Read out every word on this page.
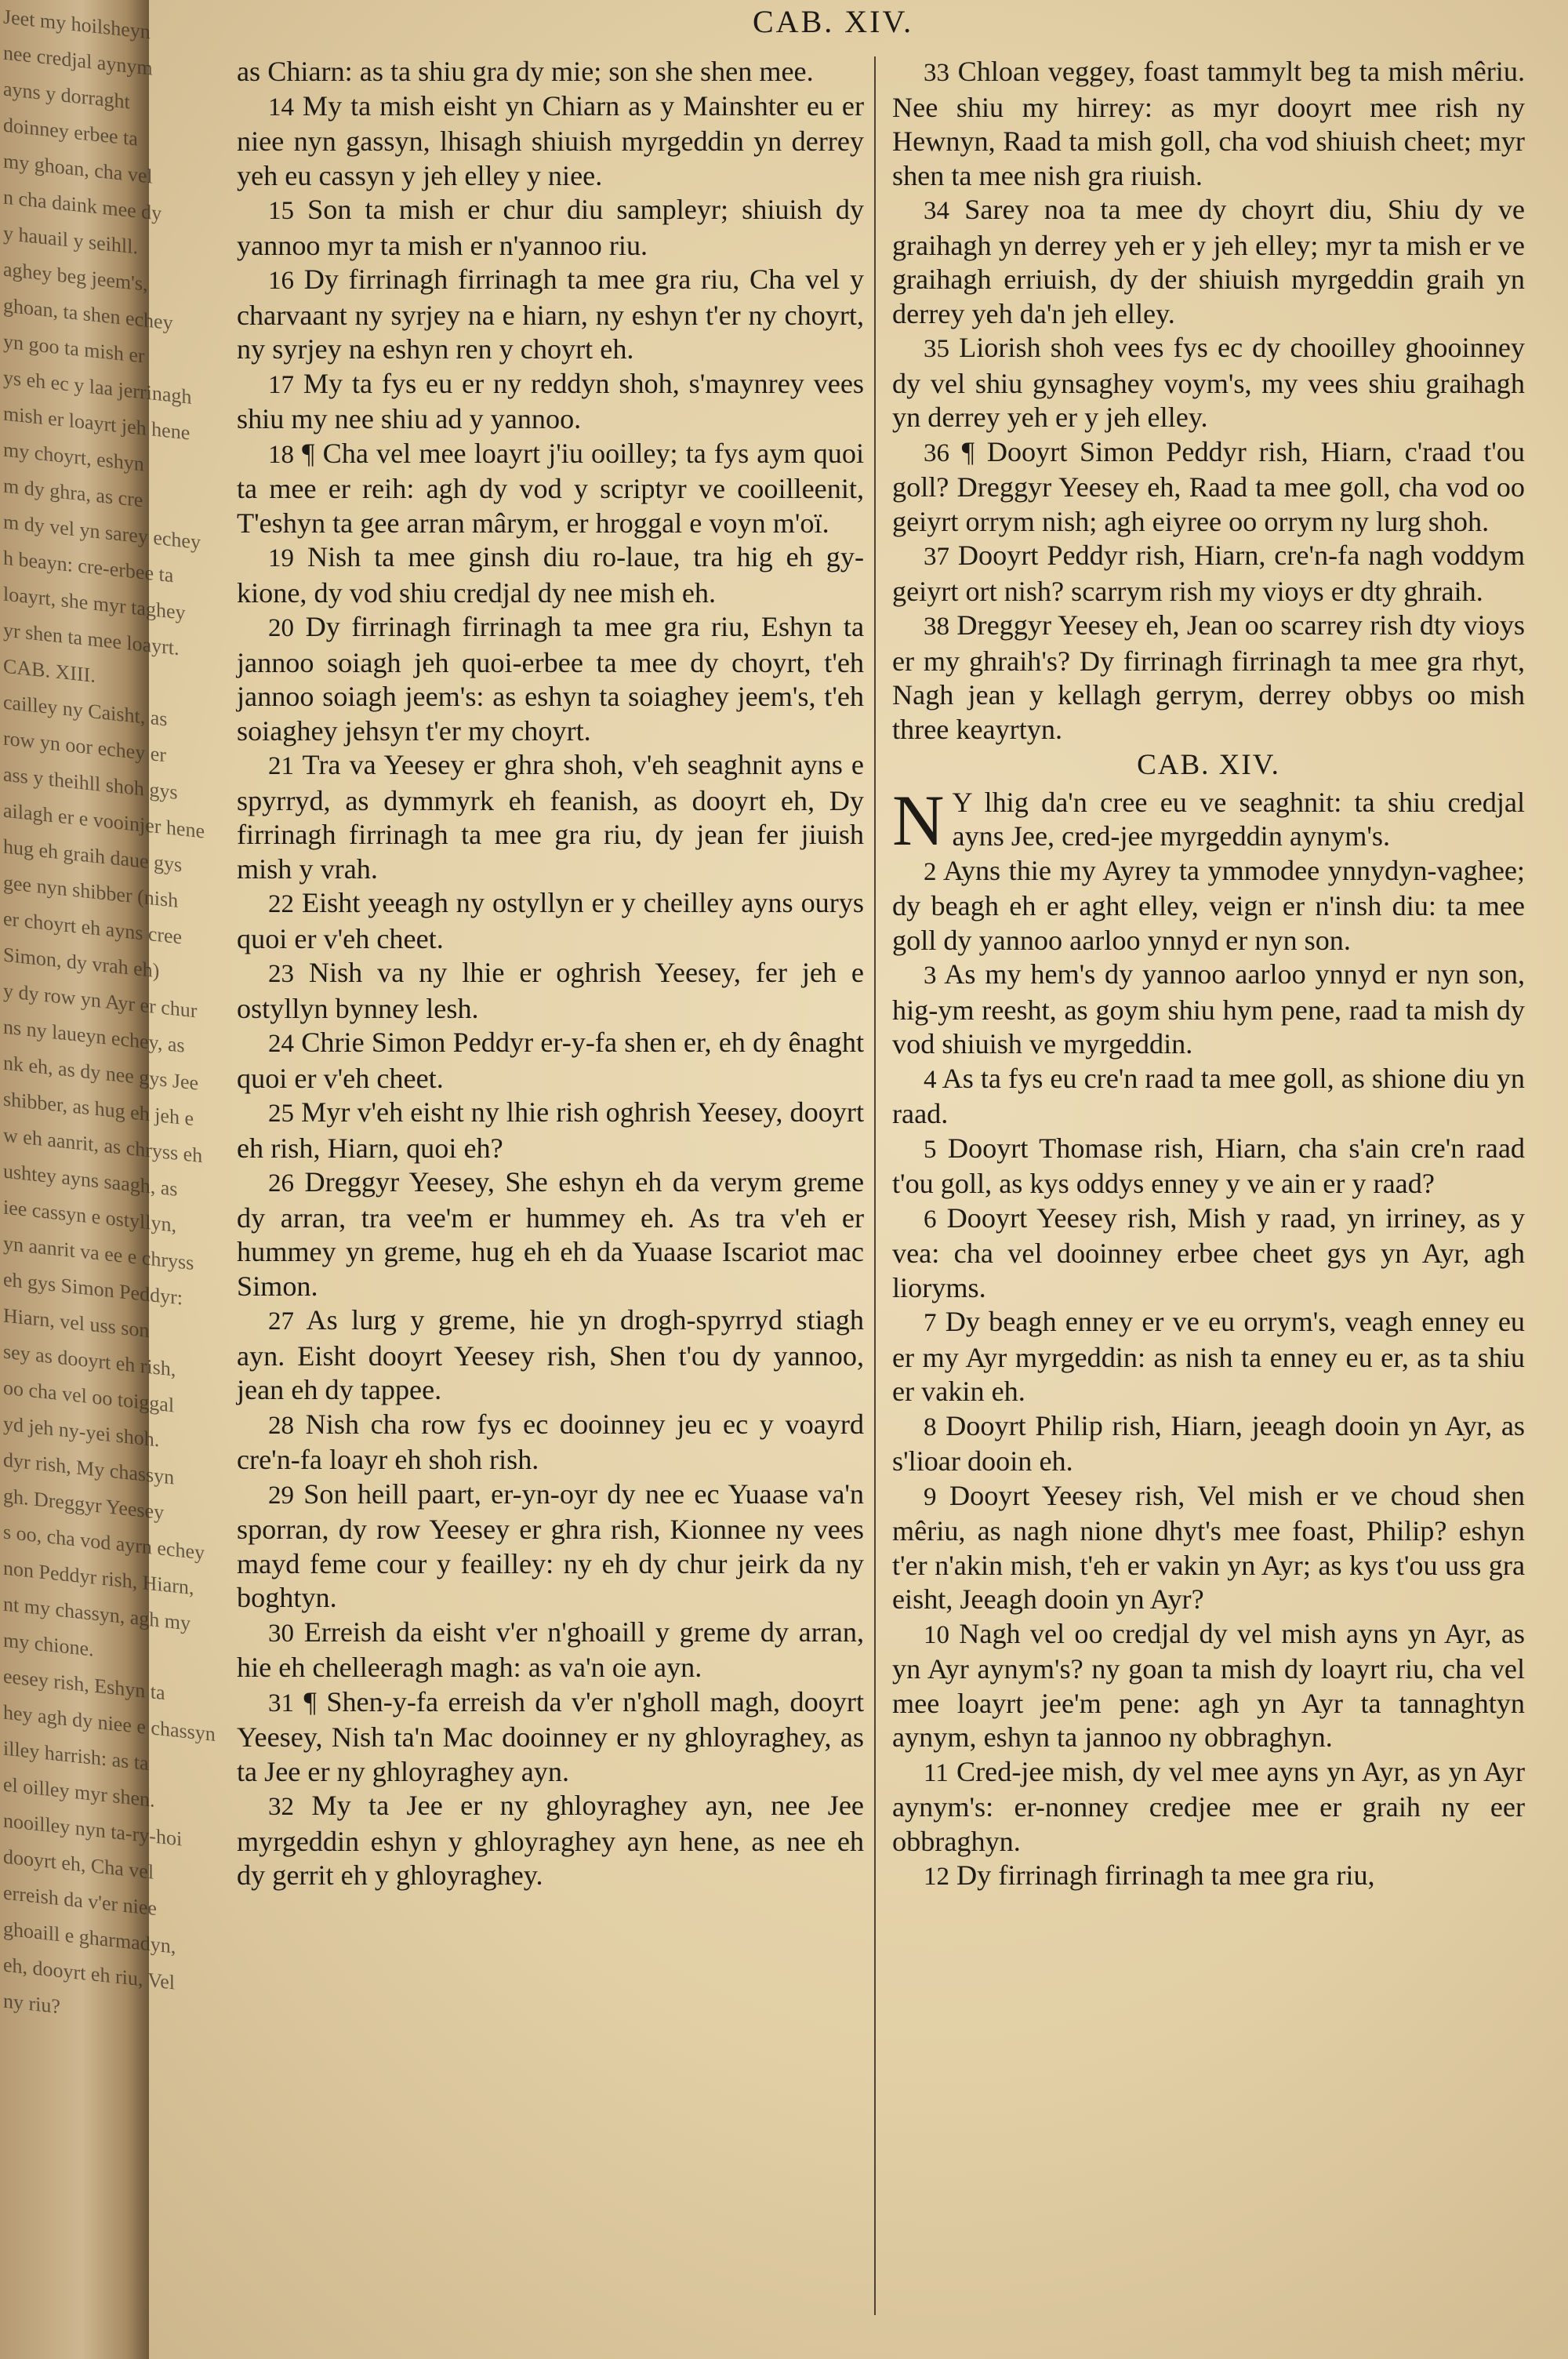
Jeet my hoilsheyn
nee credjal aynym
ayns y dorraght
doinney erbee ta
my ghoan, cha vel
n cha daink mee dy
y hauail y seihll.
aghey beg jeem's,
ghoan, ta shen echey
yn goo ta mish er
ys eh ec y laa jerrinagh
mish er loayrt jeh hene
my choyrt, eshyn
m dy ghra, as cre
m dy vel yn sarey echey
h beayn: cre-erbee ta
loayrt, she myr taghey
yr shen ta mee loayrt.
CAB. XIII.
cailley ny Caisht, as
row yn oor echey er
ass y theihll shoh gys
ailagh er e vooinjer hene
hug eh graih daue gys
gee nyn shibber (nish
er choyrt eh ayns cree
Simon, dy vrah eh)
y dy row yn Ayr er chur
ns ny laueyn echey, as
nk eh, as dy nee gys Jee
shibber, as hug eh jeh e
w eh aanrit, as chryss eh
ushtey ayns saagh, as
iee cassyn e ostyllyn,
yn aanrit va ee e chryss
eh gys Simon Peddyr:
Hiarn, vel uss son
sey as dooyrt eh rish,
oo cha vel oo toiggal
yd jeh ny-yei shoh.
dyr rish, My chassyn
gh. Dreggyr Yeesey
s oo, cha vod ayrn echey
non Peddyr rish, Hiarn,
nt my chassyn, agh my
my chione.
eesey rish, Eshyn ta
hey agh dy niee e chassyn
illey harrish: as ta
el oilley myr shen.
nooilley nyn ta-ry-hoi
dooyrt eh, Cha vel
erreish da v'er niee
ghoaill e gharmadyn,
eh, dooyrt eh riu, Vel
ny riu?
CAB. XIV.

as Chiarn: as ta shiu gra dy mie; son she shen mee.

14 My ta mish eisht yn Chiarn as y Mainshter eu er niee nyn gassyn, lhisagh shiuish myrgeddin yn derrey yeh eu cassyn y jeh elley y niee.

15 Son ta mish er chur diu sampleyr; shiuish dy yannoo myr ta mish er n'yannoo riu.

16 Dy firrinagh firrinagh ta mee gra riu, Cha vel y charvaant ny syrjey na e hiarn, ny eshyn t'er ny choyrt, ny syrjey na eshyn ren y choyrt eh.

17 My ta fys eu er ny reddyn shoh, s'maynrey vees shiu my nee shiu ad y yannoo.

18 ¶ Cha vel mee loayrt j'iu ooilley; ta fys aym quoi ta mee er reih: agh dy vod y scriptyr ve cooilleenit, T'eshyn ta gee arran mârym, er hroggal e voyn m'oï.

19 Nish ta mee ginsh diu ro-laue, tra hig eh gy-kione, dy vod shiu credjal dy nee mish eh.

20 Dy firrinagh firrinagh ta mee gra riu, Eshyn ta jannoo soiagh jeh quoi-erbee ta mee dy choyrt, t'eh jannoo soiagh jeem's: as eshyn ta soiaghey jeem's, t'eh soiaghey jehsyn t'er my choyrt.

21 Tra va Yeesey er ghra shoh, v'eh seaghnit ayns e spyrryd, as dymmyrk eh feanish, as dooyrt eh, Dy firrinagh firrinagh ta mee gra riu, dy jean fer jiuish mish y vrah.

22 Eisht yeeagh ny ostyllyn er y cheilley ayns ourys quoi er v'eh cheet.

23 Nish va ny lhie er oghrish Yeesey, fer jeh e ostyllyn bynney lesh.

24 Chrie Simon Peddyr er-y-fa shen er, eh dy ênaght quoi er v'eh cheet.

25 Myr v'eh eisht ny lhie rish oghrish Yeesey, dooyrt eh rish, Hiarn, quoi eh?

26 Dreggyr Yeesey, She eshyn eh da verym greme dy arran, tra vee'm er hummey eh. As tra v'eh er hummey yn greme, hug eh eh da Yuaase Iscariot mac Simon.

27 As lurg y greme, hie yn drogh-spyrryd stiagh ayn. Eisht dooyrt Yeesey rish, Shen t'ou dy yannoo, jean eh dy tappee.

28 Nish cha row fys ec dooinney jeu ec y voayrd cre'n-fa loayr eh shoh rish.

29 Son heill paart, er-yn-oyr dy nee ec Yuaase va'n sporran, dy row Yeesey er ghra rish, Kionnee ny vees mayd feme cour y feailley: ny eh dy chur jeirk da ny boghtyn.

30 Erreish da eisht v'er n'ghoaill y greme dy arran, hie eh chelleeragh magh: as va'n oie ayn.

31 ¶ Shen-y-fa erreish da v'er n'gholl magh, dooyrt Yeesey, Nish ta'n Mac dooinney er ny ghloyraghey, as ta Jee er ny ghloyraghey ayn.

32 My ta Jee er ny ghloyraghey ayn, nee Jee myrgeddin eshyn y ghloyraghey ayn hene, as nee eh dy gerrit eh y ghloyraghey.

33 Chloan veggey, foast tammylt beg ta mish mêriu. Nee shiu my hirrey: as myr dooyrt mee rish ny Hewnyn, Raad ta mish goll, cha vod shiuish cheet; myr shen ta mee nish gra riuish.

34 Sarey noa ta mee dy choyrt diu, Shiu dy ve graihagh yn derrey yeh er y jeh elley; myr ta mish er ve graihagh erriuish, dy der shiuish myrgeddin graih yn derrey yeh da'n jeh elley.

35 Liorish shoh vees fys ec dy chooilley ghooinney dy vel shiu gynsaghey voym's, my vees shiu graihagh yn derrey yeh er y jeh elley.

36 ¶ Dooyrt Simon Peddyr rish, Hiarn, c'raad t'ou goll? Dreggyr Yeesey eh, Raad ta mee goll, cha vod oo geiyrt orrym nish; agh eiyree oo orrym ny lurg shoh.

37 Dooyrt Peddyr rish, Hiarn, cre'n-fa nagh voddym geiyrt ort nish? scarrym rish my vioys er dty ghraih.

38 Dreggyr Yeesey eh, Jean oo scarrey rish dty vioys er my ghraih's? Dy firrinagh firrinagh ta mee gra rhyt, Nagh jean y kellagh gerrym, derrey obbys oo mish three keayrtyn.

CAB. XIV.

N Y lhig da'n cree eu ve seaghnit: ta shiu credjal ayns Jee, cred-jee myrgeddin aynym's.

2 Ayns thie my Ayrey ta ymmodee ynnydyn-vaghee; dy beagh eh er aght elley, veign er n'insh diu: ta mee goll dy yannoo aarloo ynnyd er nyn son.

3 As my hem's dy yannoo aarloo ynnyd er nyn son, hig-ym reesht, as goym shiu hym pene, raad ta mish dy vod shiuish ve myrgeddin.

4 As ta fys eu cre'n raad ta mee goll, as shione diu yn raad.

5 Dooyrt Thomase rish, Hiarn, cha s'ain cre'n raad t'ou goll, as kys oddys enney y ve ain er y raad?

6 Dooyrt Yeesey rish, Mish y raad, yn irriney, as y vea: cha vel dooinney erbee cheet gys yn Ayr, agh lioryms.

7 Dy beagh enney er ve eu orrym's, veagh enney eu er my Ayr myrgeddin: as nish ta enney eu er, as ta shiu er vakin eh.

8 Dooyrt Philip rish, Hiarn, jeeagh dooin yn Ayr, as s'lioar dooin eh.

9 Dooyrt Yeesey rish, Vel mish er ve choud shen mêriu, as nagh nione dhyt's mee foast, Philip? eshyn t'er n'akin mish, t'eh er vakin yn Ayr; as kys t'ou uss gra eisht, Jeeagh dooin yn Ayr?

10 Nagh vel oo credjal dy vel mish ayns yn Ayr, as yn Ayr aynym's? ny goan ta mish dy loayrt riu, cha vel mee loayrt jee'm pene: agh yn Ayr ta tannaghtyn aynym, eshyn ta jannoo ny obbraghyn.

11 Cred-jee mish, dy vel mee ayns yn Ayr, as yn Ayr aynym's: er-nonney credjee mee er graih ny eer obbraghyn.

12 Dy firrinagh firrinagh ta mee gra riu,
